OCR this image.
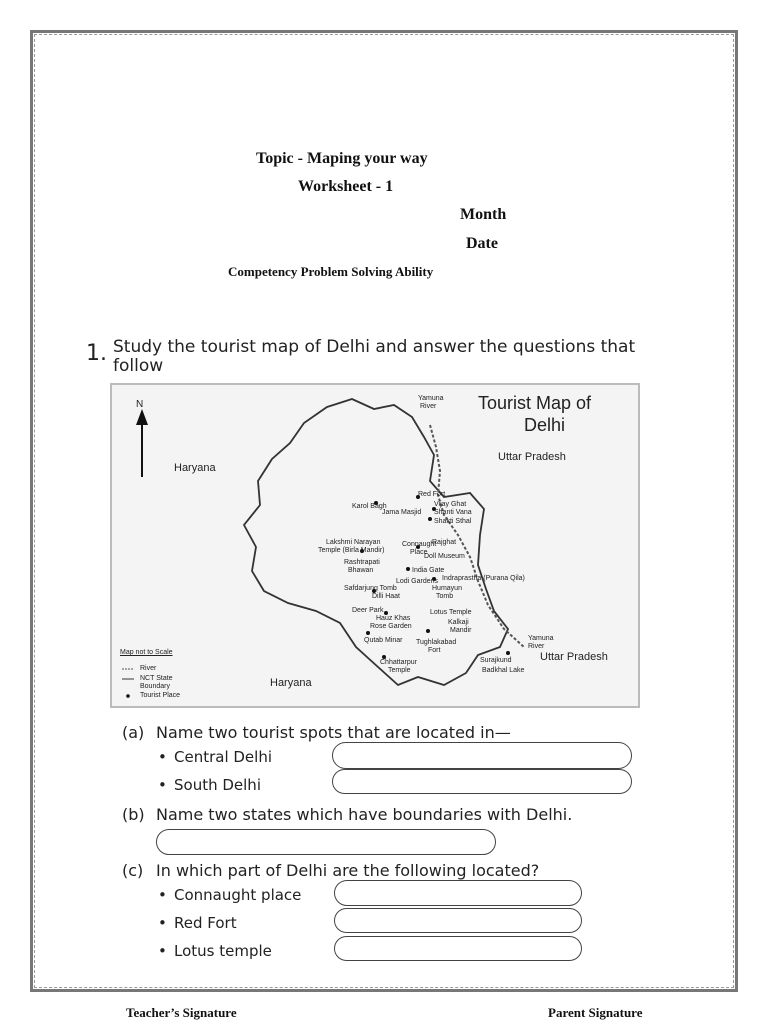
Topic - Maping your way
Worksheet - 1
Month
Date
Competency Problem Solving Ability
1. Study the tourist map of Delhi and answer the questions that
follow
Tourist Map of
Delhi
N
Haryana
Haryana
Uttar Pradesh
Uttar Pradesh
Yamuna
River
Yamuna
River
Red Fort
Karol Bagh
Jama Masjid
Vijay Ghat
Shanti Vana
Shakti Sthal
Lakshmi Narayan
Temple (Birla Mandir)
Connaught
Place
Rajghat
Doll Museum
Rashtrapati
Bhawan	India Gate
Lodi Gardens Indraprastha (Purana Qila)
Safdarjung Tomb
Dilli Haat
Humayun
Tomb
Deer Park
Hauz Khas
Rose Garden
Lotus Temple
Kalkaji
Mandir
Qutab Minar Tughlakabad
Fort
Chhattarpur
Temple
Surajkund
Badkhal Lake
Map not to Scale
River
NCT State
Boundary
Tourist Place
(a) Name two tourist spots that are located in—
• Central Delhi
• South Delhi
(b) Name two states which have boundaries with Delhi.
(c) In which part of Delhi are the following located?
• Connaught place
• Red Fort
• Lotus temple
Teacher’s Signature	Parent Signature
